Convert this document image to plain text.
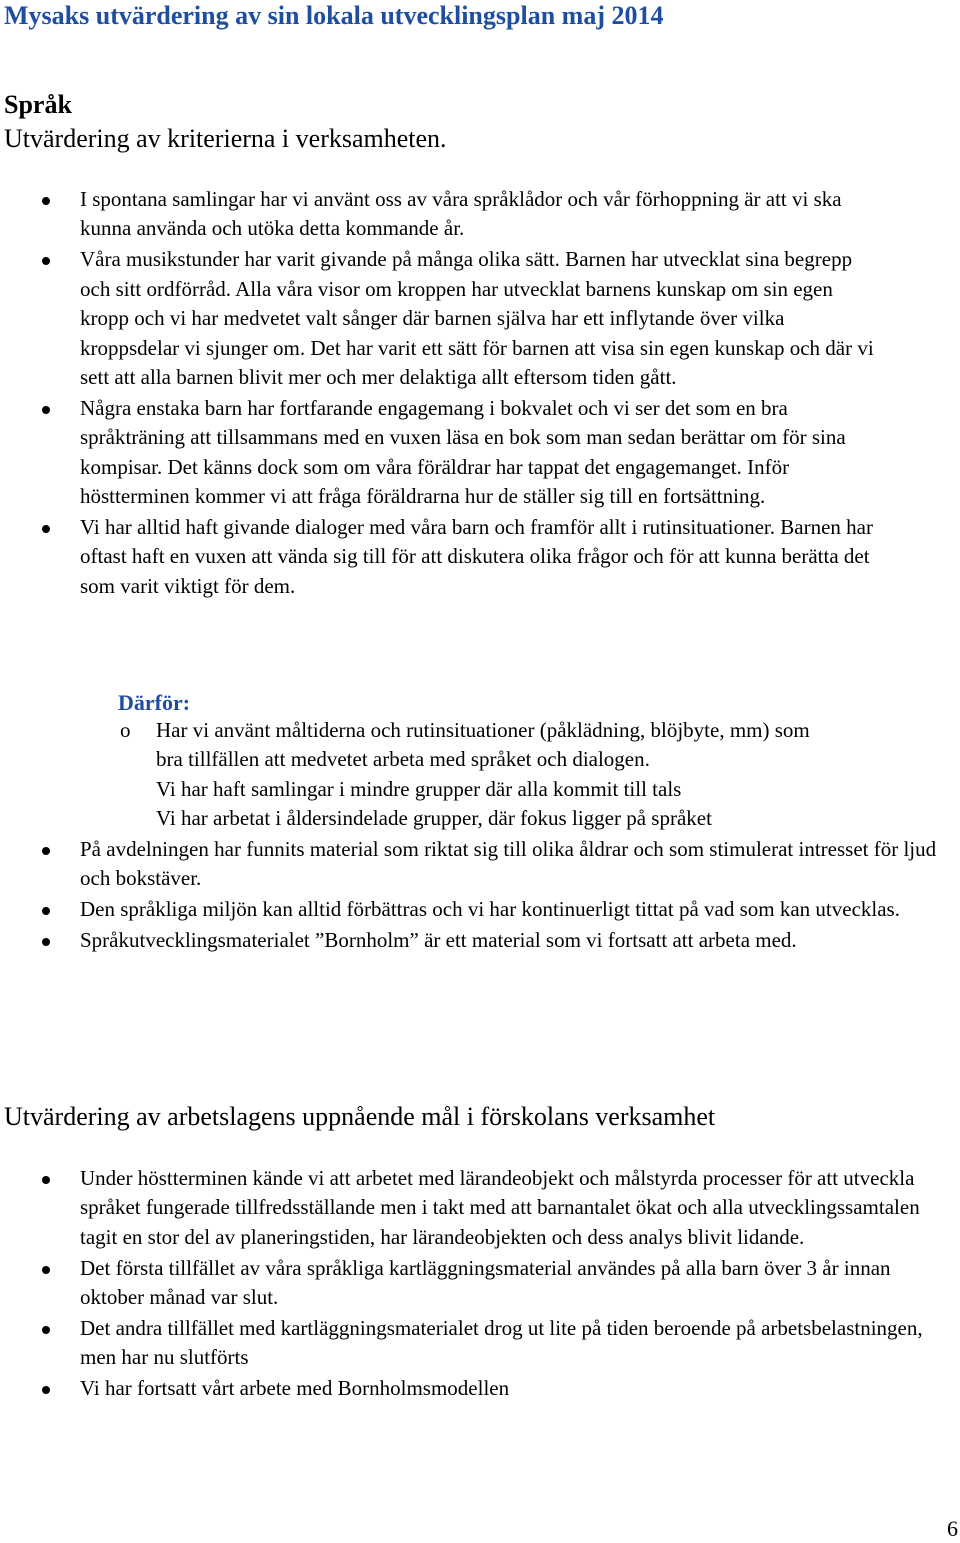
Mysaks utvärdering av sin lokala utvecklingsplan maj 2014
Språk
Utvärdering av kriterierna i verksamheten.
I spontana samlingar har vi använt oss av våra språklådor och vår förhoppning är att vi ska kunna använda och utöka detta kommande år.
Våra musikstunder har varit givande på många olika sätt. Barnen har utvecklat sina begrepp och sitt ordförråd. Alla våra visor om kroppen har utvecklat barnens kunskap om sin egen kropp och vi har medvetet valt sånger där barnen själva har ett inflytande över vilka kroppsdelar vi sjunger om. Det har varit ett sätt för barnen att visa sin egen kunskap och där vi sett att alla barnen blivit mer och mer delaktiga allt eftersom tiden gått.
Några enstaka barn har fortfarande engagemang i bokvalet och vi ser det som en bra språkträning att tillsammans med en vuxen läsa en bok som man sedan berättar om för sina kompisar. Det känns dock som om våra föräldrar har tappat det engagemanget. Inför höstterminen kommer vi att fråga föräldrarna hur de ställer sig till en fortsättning.
Vi har alltid haft givande dialoger med våra barn och framför allt i rutinsituationer. Barnen har oftast haft en vuxen att vända sig till för att diskutera olika frågor och för att kunna berätta det som varit viktigt för dem.
Därför:
o Har vi använt måltiderna och rutinsituationer (påklädning, blöjbyte, mm) som
bra tillfällen att medvetet arbeta med språket och dialogen.
Vi har haft samlingar i mindre grupper där alla kommit till tals
Vi har arbetat i åldersindelade grupper, där fokus ligger på språket
På avdelningen har funnits material som riktat sig till olika åldrar och som stimulerat intresset för ljud och bokstäver.
Den språkliga miljön kan alltid förbättras och vi har kontinuerligt tittat på vad som kan utvecklas.
Språkutvecklingsmaterialet ”Bornholm” är ett material som vi fortsatt att arbeta med.
Utvärdering av arbetslagens uppnående mål i förskolans verksamhet
Under höstterminen kände vi att arbetet med lärandeobjekt och målstyrda processer för att utveckla språket fungerade tillfredsställande men i takt med att barnantalet ökat och alla utvecklingssamtalen tagit en stor del av planeringstiden, har lärandeobjekten och dess analys blivit lidande.
Det första tillfället av våra språkliga kartläggningsmaterial användes på alla barn över 3 år innan oktober månad var slut.
Det andra tillfället med kartläggningsmaterialet drog ut lite på tiden beroende på arbetsbelastningen, men har nu slutförts
Vi har fortsatt vårt arbete med Bornholmsmodellen
6
